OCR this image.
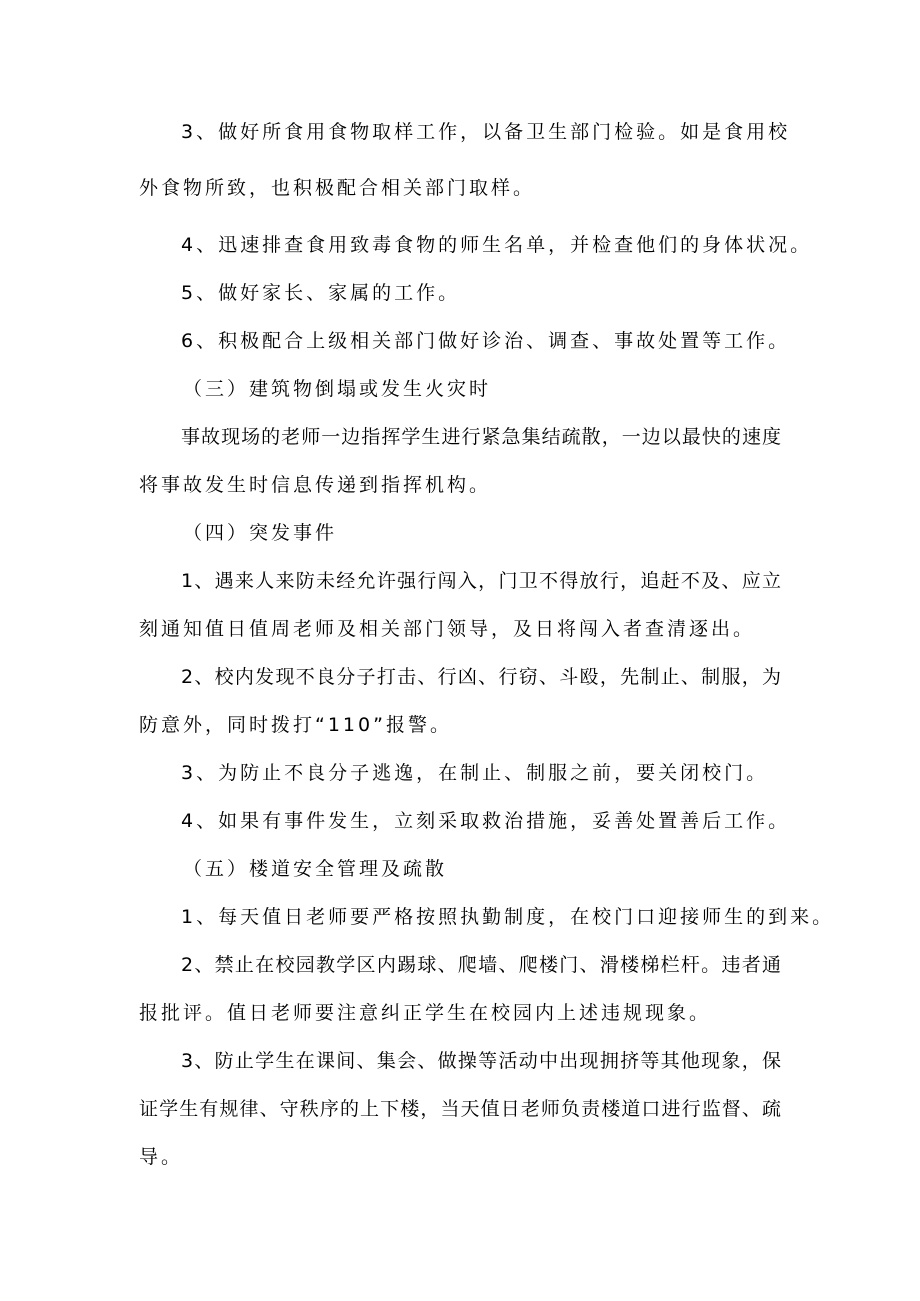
3、做好所食用食物取样工作，以备卫生部门检验。如是食用校
外食物所致，也积极配合相关部门取样。
4、迅速排查食用致毒食物的师生名单，并检查他们的身体状况。
5、做好家长、家属的工作。
6、积极配合上级相关部门做好诊治、调查、事故处置等工作。
（三）建筑物倒塌或发生火灾时
事故现场的老师一边指挥学生进行紧急集结疏散，一边以最快的速度
将事故发生时信息传递到指挥机构。
（四）突发事件
1、遇来人来防未经允许强行闯入，门卫不得放行，追赶不及、应立
刻通知值日值周老师及相关部门领导，及日将闯入者查清逐出。
2、校内发现不良分子打击、行凶、行窃、斗殴，先制止、制服，为
防意外，同时拨打“110”报警。
3、为防止不良分子逃逸，在制止、制服之前，要关闭校门。
4、如果有事件发生，立刻采取救治措施，妥善处置善后工作。
（五）楼道安全管理及疏散
1、每天值日老师要严格按照执勤制度，在校门口迎接师生的到来。
2、禁止在校园教学区内踢球、爬墙、爬楼门、滑楼梯栏杆。违者通
报批评。值日老师要注意纠正学生在校园内上述违规现象。
3、防止学生在课间、集会、做操等活动中出现拥挤等其他现象，保
证学生有规律、守秩序的上下楼，当天值日老师负责楼道口进行监督、疏
导。
